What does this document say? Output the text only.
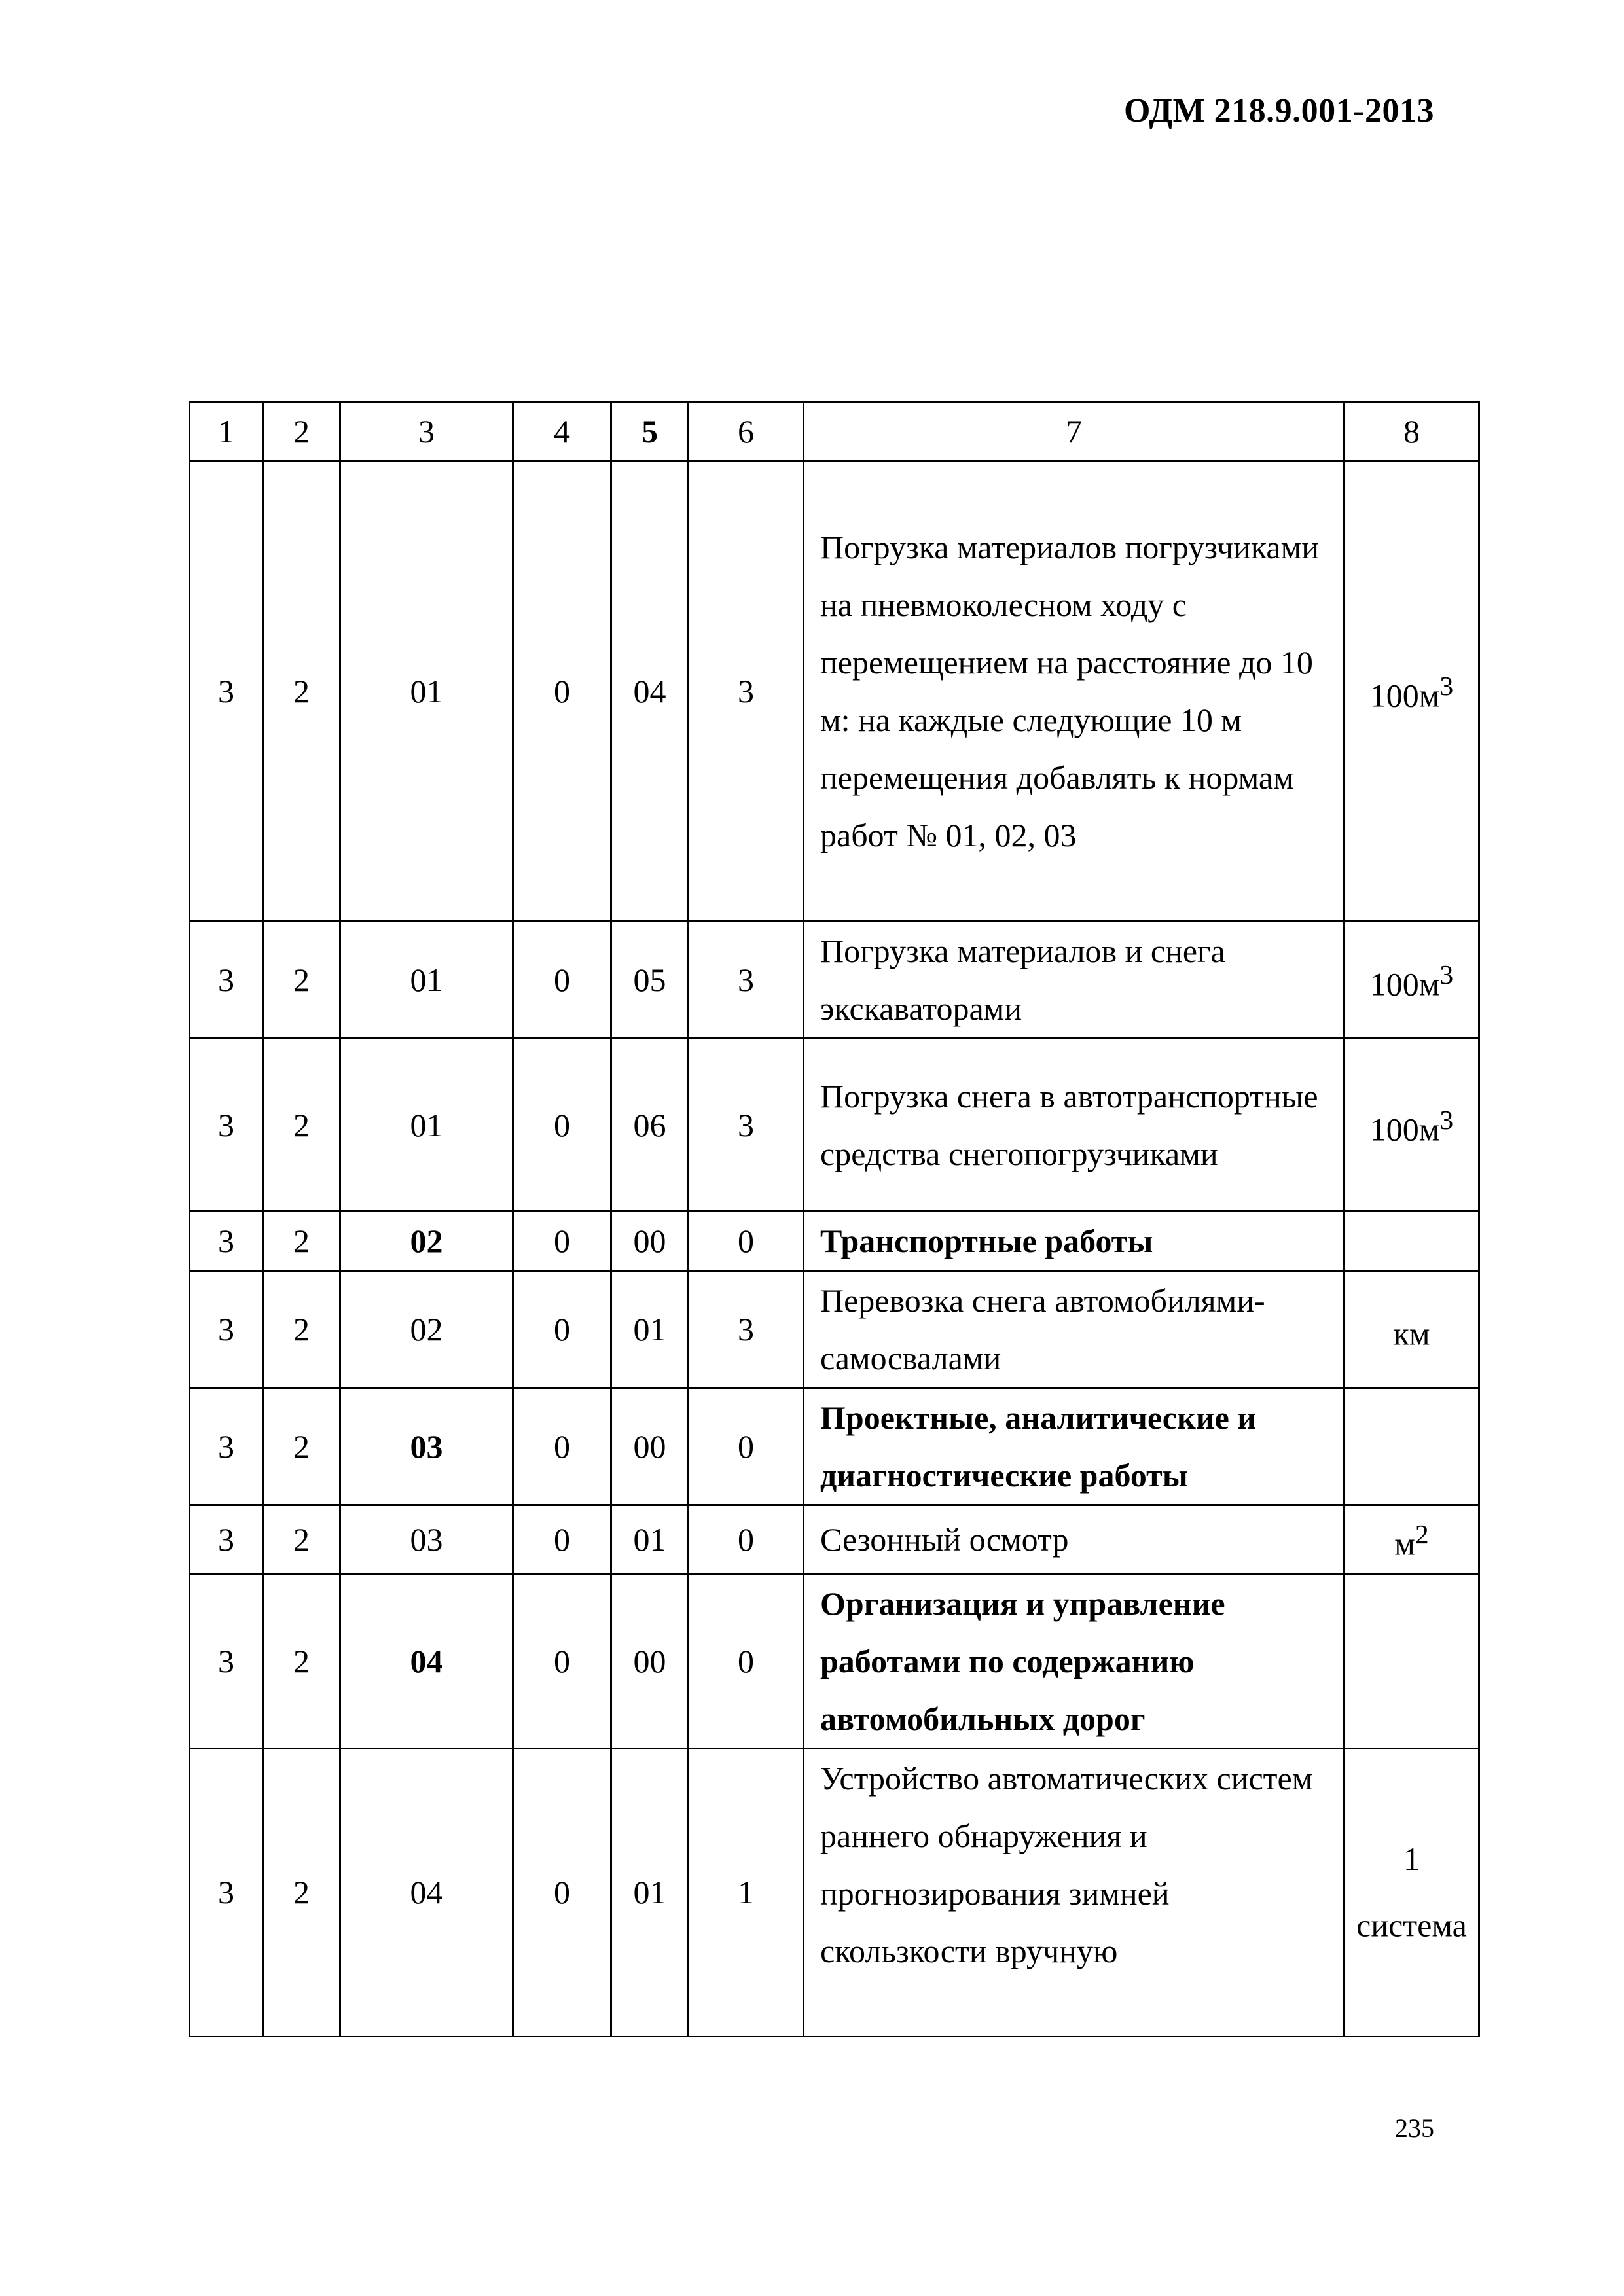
ОДМ 218.9.001-2013
1	2	3	4	5	6	7	8
3	2	01	0	04	3	Погрузка материалов погрузчиками на пневмоколесном ходу с перемещением на расстояние до 10 м: на каждые следующие 10 м перемещения добавлять к нормам работ № 01, 02, 03	$100м^3$
3	2	01	0	05	3	Погрузка материалов и снега экскаваторами	$100м^3$
3	2	01	0	06	3	Погрузка снега в автотранспортные средства снегопогрузчиками	$100м^3$
3	2	02	0	00	0	Транспортные работы	
3	2	02	0	01	3	Перевозка снега автомобилями-самосвалами	км
3	2	03	0	00	0	Проектные, аналитические и диагностические работы	
3	2	03	0	01	0	Сезонный осмотр	$м^2$
3	2	04	0	00	0	Организация и управление работами по содержанию автомобильных дорог	
3	2	04	0	01	1	Устройство автоматических систем раннего обнаружения и прогнозирования зимней скользкости вручную	1 система
235
